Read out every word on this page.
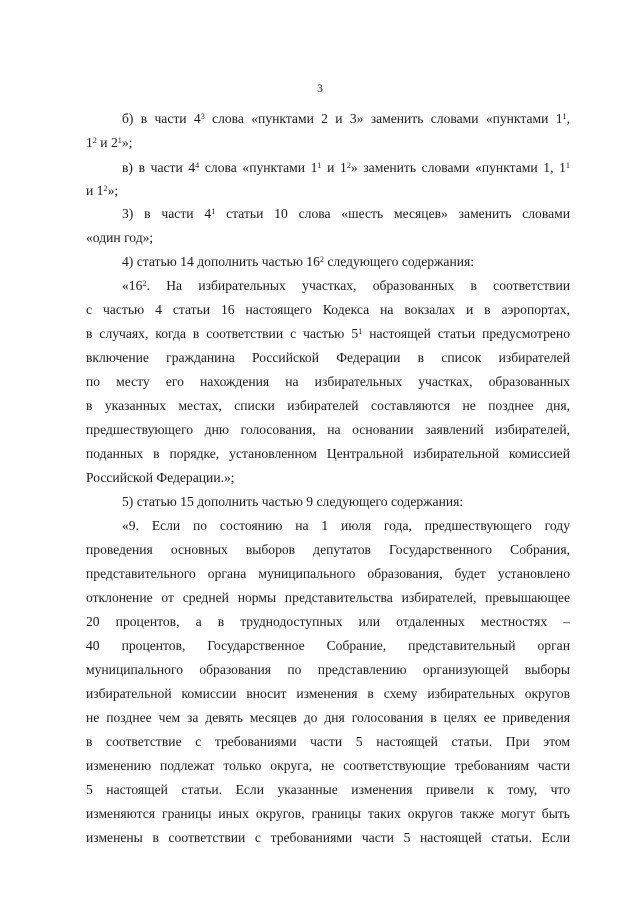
3
б) в части $4^3$ слова «пунктами 2 и 3» заменить словами «пунктами $1^1$,
$1^2$ и $2^1$»;
в) в части $4^4$ слова «пунктами $1^1$ и $1^2$» заменить словами «пунктами 1, $1^1$
и $1^2$»;
3) в части $4^1$ статьи 10 слова «шесть месяцев» заменить словами
«один год»;
4) статью 14 дополнить частью $16^2$ следующего содержания:
«$16^2$. На избирательных участках, образованных в соответствии
с частью 4 статьи 16 настоящего Кодекса на вокзалах и в аэропортах,
в случаях, когда в соответствии с частью $5^1$ настоящей статьи предусмотрено
включение гражданина Российской Федерации в список избирателей
по месту его нахождения на избирательных участках, образованных
в указанных местах, списки избирателей составляются не позднее дня,
предшествующего дню голосования, на основании заявлений избирателей,
поданных в порядке, установленном Центральной избирательной комиссией
Российской Федерации.»;
5) статью 15 дополнить частью 9 следующего содержания:
«9. Если по состоянию на 1 июля года, предшествующего году
проведения основных выборов депутатов Государственного Собрания,
представительного органа муниципального образования, будет установлено
отклонение от средней нормы представительства избирателей, превышающее
20 процентов, а в труднодоступных или отдаленных местностях –
40 процентов, Государственное Собрание, представительный орган
муниципального образования по представлению организующей выборы
избирательной комиссии вносит изменения в схему избирательных округов
не позднее чем за девять месяцев до дня голосования в целях ее приведения
в соответствие с требованиями части 5 настоящей статьи. При этом
изменению подлежат только округа, не соответствующие требованиям части
5 настоящей статьи. Если указанные изменения привели к тому, что
изменяются границы иных округов, границы таких округов также могут быть
изменены в соответствии с требованиями части 5 настоящей статьи. Если
